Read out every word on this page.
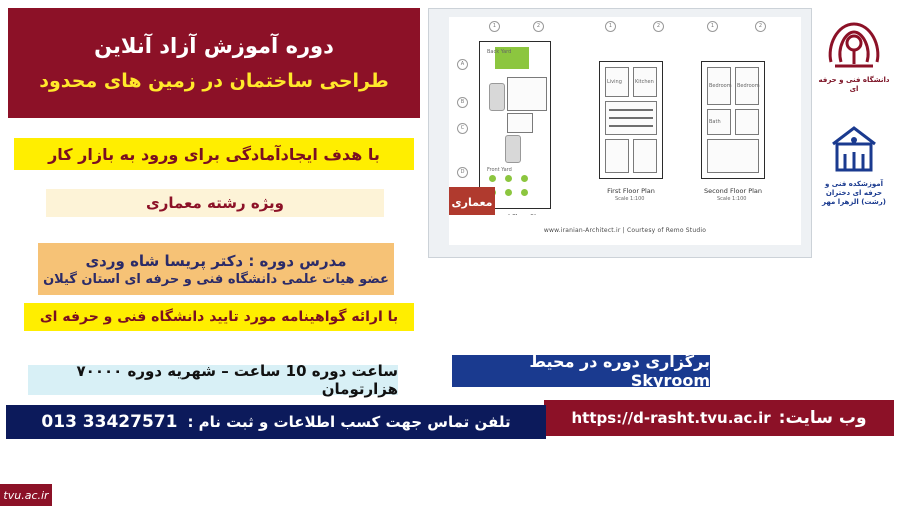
دوره آموزش آزاد آنلاین
طراحی ساختمان در زمین های محدود
با هدف ایجادآمادگی برای ورود به بازار کار
ویژه رشته معماری
مدرس دوره : دکتر پریسا شاه وردی
عضو هیات علمی دانشگاه فنی و حرفه ای استان گیلان
با ارائه گواهینامه مورد تایید دانشگاه فنی و حرفه ای
ساعت دوره 10 ساعت – شهریه دوره ۷۰۰۰۰ هزارتومان
برگزاری دوره در محیط Skyroom
وب سایت:
https://d-rasht.tvu.ac.ir
تلفن تماس جهت کسب اطلاعات و ثبت نام :
013 33427571
1	2	1	2	1	2
A
B
C
D
Back Yard
Front Yard
Living	Kitchen
First Floor Plan
Scale 1:100
Bedroom Bedroom
Bath
Second Floor Plan
Scale 1:100
معماری
www.iranian-Architect.ir | Courtesy of Remo Studio
دانشگاه فنی و حرفه ای
آموزشکده فنی و حرفه ای دختران (رشت) الزهرا مهر
tvu.ac.ir
